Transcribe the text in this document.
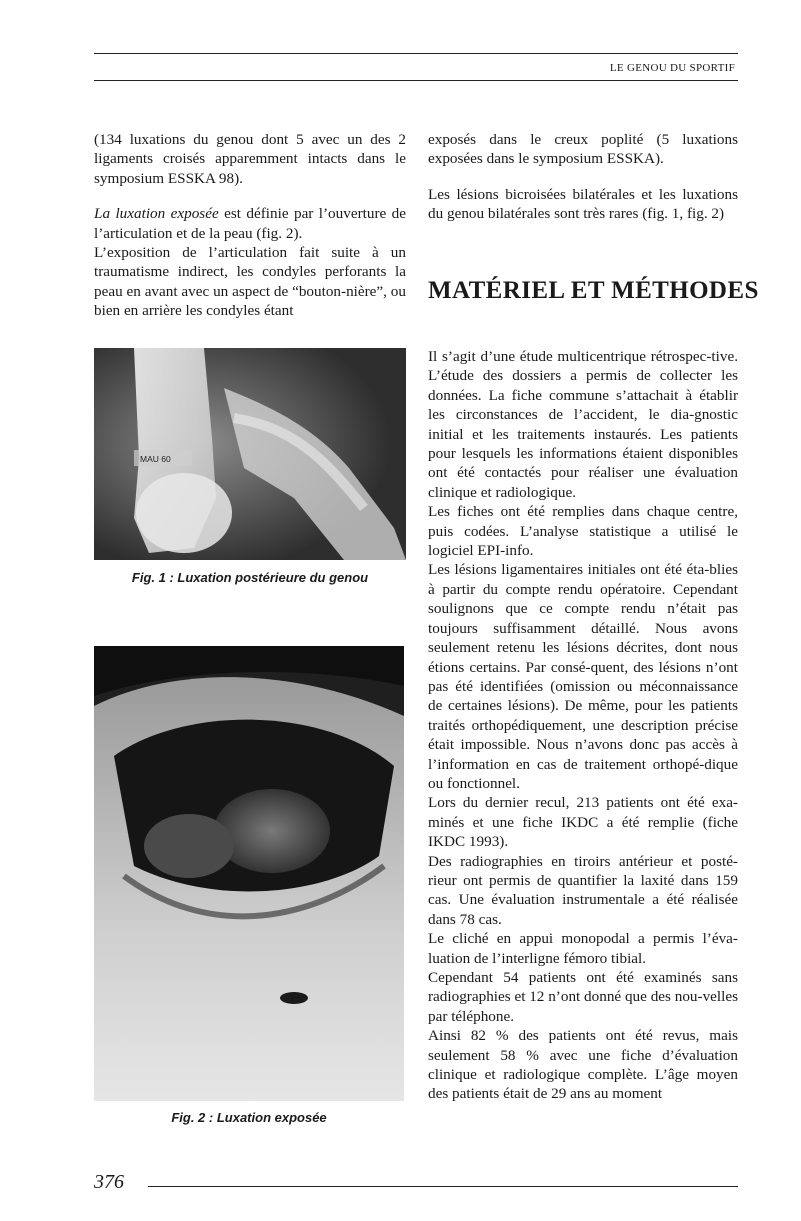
LE GENOU DU SPORTIF

(134 luxations du genou dont 5 avec un des 2 ligaments croisés apparemment intacts dans le symposium ESSKA 98).

La luxation exposée est définie par l’ouverture de l’articulation et de la peau (fig. 2).

L’exposition de l’articulation fait suite à un traumatisme indirect, les condyles perforants la peau en avant avec un aspect de “bouton-nière”, ou bien en arrière les condyles étant

MAU 60
Fig. 1 : Luxation postérieure du genou
Fig. 2 : Luxation exposée

exposés dans le creux poplité (5 luxations exposées dans le symposium ESSKA).

Les lésions bicroisées bilatérales et les luxations du genou bilatérales sont très rares (fig. 1, fig. 2)

MATÉRIEL ET MÉTHODES

Il s’agit d’une étude multicentrique rétrospec-tive. L’étude des dossiers a permis de collecter les données. La fiche commune s’attachait à établir les circonstances de l’accident, le dia-gnostic initial et les traitements instaurés. Les patients pour lesquels les informations étaient disponibles ont été contactés pour réaliser une évaluation clinique et radiologique.

Les fiches ont été remplies dans chaque centre, puis codées. L’analyse statistique a utilisé le logiciel EPI-info.

Les lésions ligamentaires initiales ont été éta-blies à partir du compte rendu opératoire. Cependant soulignons que ce compte rendu n’était pas toujours suffisamment détaillé. Nous avons seulement retenu les lésions décrites, dont nous étions certains. Par consé-quent, des lésions n’ont pas été identifiées (omission ou méconnaissance de certaines lésions). De même, pour les patients traités orthopédiquement, une description précise était impossible. Nous n’avons donc pas accès à l’information en cas de traitement orthopé-dique ou fonctionnel.

Lors du dernier recul, 213 patients ont été exa-minés et une fiche IKDC a été remplie (fiche IKDC 1993).

Des radiographies en tiroirs antérieur et posté-rieur ont permis de quantifier la laxité dans 159 cas. Une évaluation instrumentale a été réalisée dans 78 cas.

Le cliché en appui monopodal a permis l’éva-luation de l’interligne fémoro tibial.

Cependant 54 patients ont été examinés sans radiographies et 12 n’ont donné que des nou-velles par téléphone.

Ainsi 82 % des patients ont été revus, mais seulement 58 % avec une fiche d’évaluation clinique et radiologique complète. L’âge moyen des patients était de 29 ans au moment

376
